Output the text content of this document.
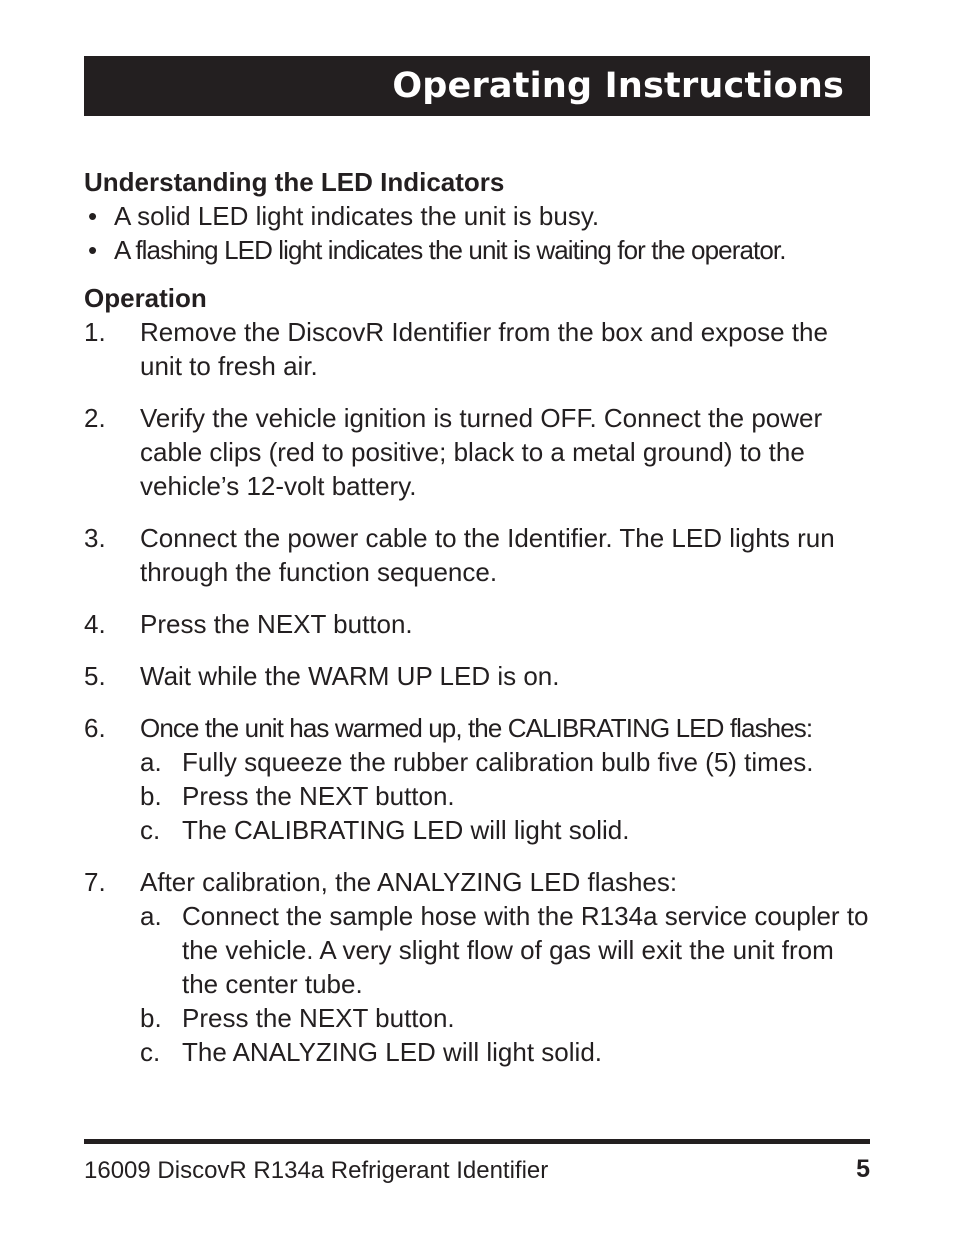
Operating Instructions
Understanding the LED Indicators
• A solid LED light indicates the unit is busy.
• A flashing LED light indicates the unit is waiting for the operator.
Operation
1. Remove the DiscovR Identifier from the box and expose the unit to fresh air.
2. Verify the vehicle ignition is turned OFF. Connect the power cable clips (red to positive; black to a metal ground) to the vehicle’s 12-volt battery.
3. Connect the power cable to the Identifier. The LED lights run through the function sequence.
4. Press the NEXT button.
5. Wait while the WARM UP LED is on.
6. Once the unit has warmed up, the CALIBRATING LED flashes:
a. Fully squeeze the rubber calibration bulb five (5) times.
b. Press the NEXT button.
c. The CALIBRATING LED will light solid.
7. After calibration, the ANALYZING LED flashes:
a. Connect the sample hose with the R134a service coupler to the vehicle. A very slight flow of gas will exit the unit from the center tube.
b. Press the NEXT button.
c. The ANALYZING LED will light solid.
16009 DiscovR R134a Refrigerant Identifier	5
